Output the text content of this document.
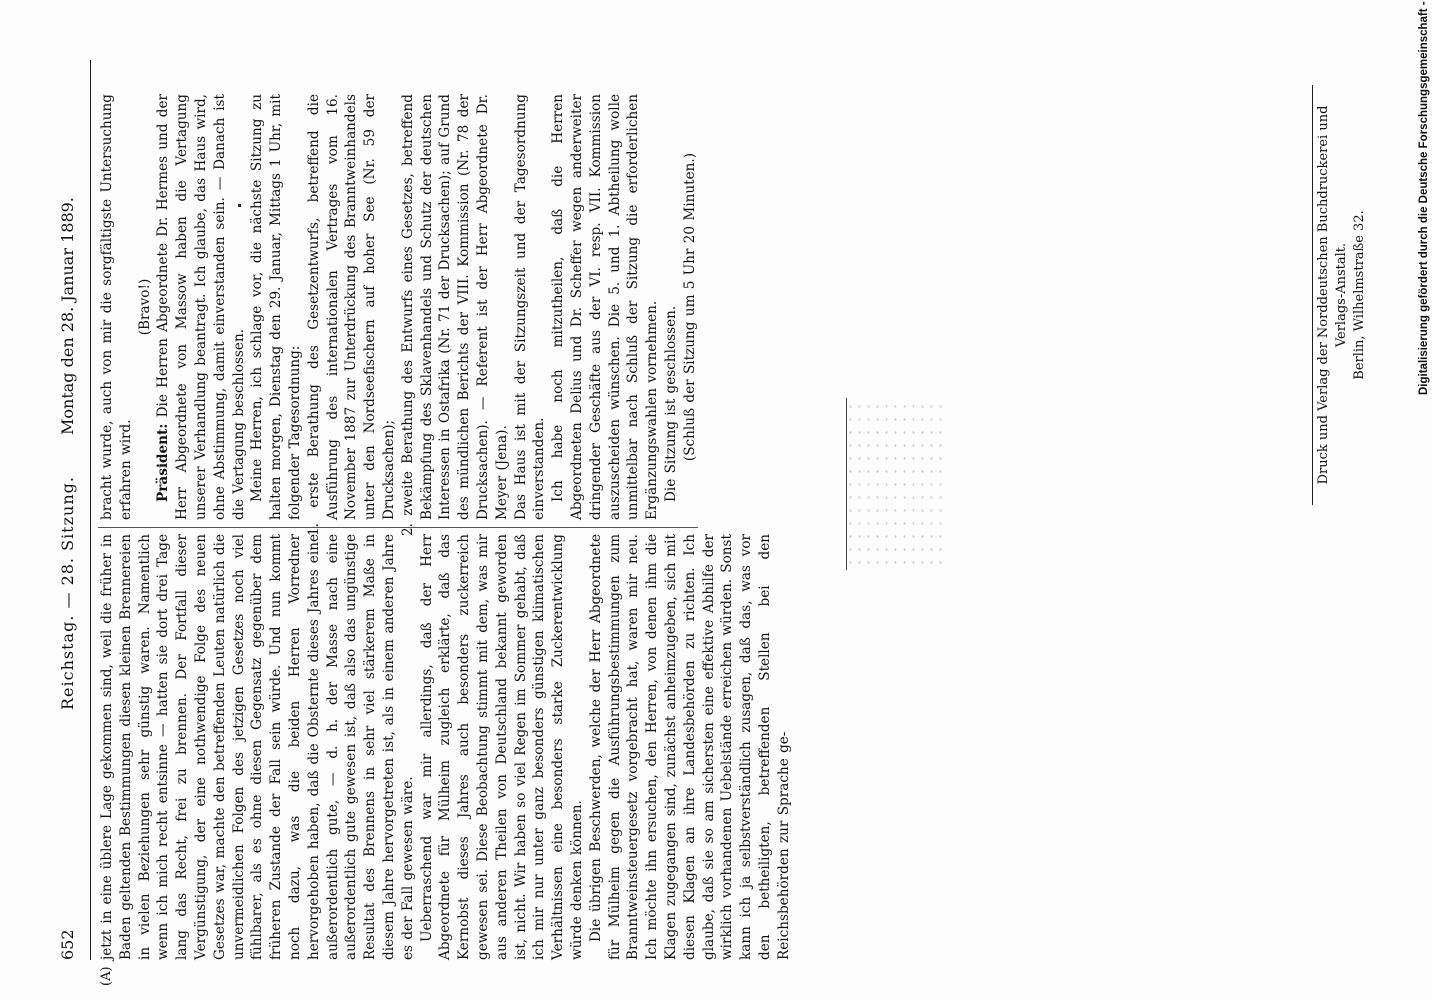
652
Reichstag. — 28. Sitzung.
Montag den 28. Januar 1889.
(A)

jetzt in eine üblere Lage gekommen sind, weil die früher in Baden geltenden Bestimmungen diesen kleinen Brennereien in vielen Beziehungen sehr günstig waren. Namentlich wenn ich mich recht entsinne — hatten sie dort drei Tage lang das Recht, frei zu brennen. Der Fortfall dieser Vergünstigung, der eine nothwendige Folge des neuen Gesetzes war, machte den betreffenden Leuten natürlich die unvermeidlichen Folgen des jetzigen Gesetzes noch viel fühlbarer, als es ohne diesen Gegensatz gegenüber dem früheren Zustande der Fall sein würde. Und nun kommt noch dazu, was die beiden Herren Vorredner hervorgehoben haben, daß die Obsternte dieses Jahres eine außerordentlich gute, — d. h. der Masse nach eine außerordentlich gute gewesen ist, daß also das ungünstige Resultat des Brennens in sehr viel stärkerem Maße in diesem Jahre hervorgetreten ist, als in einem anderen Jahre es der Fall gewesen wäre. Ueberraschend war mir allerdings, daß der Herr Abgeordnete für Mülheim zugleich erklärte, daß das Kernobst dieses Jahres auch besonders zuckerreich gewesen sei. Diese Beobachtung stimmt mit dem, was mir aus anderen Theilen von Deutschland bekannt geworden ist, nicht. Wir haben so viel Regen im Sommer gehabt, daß ich mir nur unter ganz besonders günstigen klimatischen Verhältnissen eine besonders starke Zuckerentwicklung würde denken können. Die übrigen Beschwerden, welche der Herr Abgeordnete für Mülheim gegen die Ausführungsbestimmungen zum Branntweinsteuergesetz vorgebracht hat, waren mir neu. Ich möchte ihn ersuchen, den Herren, von denen ihm die Klagen zugegangen sind, zunächst anheimzugeben, sich mit diesen Klagen an ihre Landesbehörden zu richten. Ich glaube, daß sie so am sichersten eine effektive Abhilfe der wirklich vorhandenen Uebelstände erreichen würden. Sonst kann ich ja selbstverständlich zusagen, daß das, was vor den betheiligten, betreffenden Stellen bei den Reichsbehörden zur Sprache ge-

bracht wurde, auch von mir die sorgfältigste Untersuchung erfahren wird.

(Bravo!)

Präsident: Die Herren Abgeordnete Dr. Hermes und der Herr Abgeordnete von Massow haben die Vertagung unserer Verhandlung beantragt. Ich glaube, das Haus wird, ohne Abstimmung, damit einverstanden sein. — Danach ist die Vertagung beschlossen. Meine Herren, ich schlage vor, die nächste Sitzung zu halten morgen, Dienstag den 29. Januar, Mittags 1 Uhr, mit folgender Tagesordnung: 1. erste Berathung des Gesetzentwurfs, betreffend die Ausführung des internationalen Vertrages vom 16. November 1887 zur Unterdrückung des Branntweinhandels unter den Nordseefischern auf hoher See (Nr. 59 der Drucksachen); 2. zweite Berathung des Entwurfs eines Gesetzes, betreffend Bekämpfung des Sklavenhandels und Schutz der deutschen Interessen in Ostafrika (Nr. 71 der Drucksachen); auf Grund des mündlichen Berichts der VIII. Kommission (Nr. 78 der Drucksachen). — Referent ist der Herr Abgeordnete Dr. Meyer (Jena). Das Haus ist mit der Sitzungszeit und der Tagesordnung einverstanden. Ich habe noch mitzutheilen, daß die Herren Abgeordneten Delius und Dr. Scheffer wegen anderweiter dringender Geschäfte aus der VI. resp. VII. Kommission auszuscheiden wünschen. Die 5. und 1. Abtheilung wolle unmittelbar nach Schluß der Sitzung die erforderlichen Ergänzungswahlen vornehmen. Die Sitzung ist geschlossen. (Schluß der Sitzung um 5 Uhr 20 Minuten.)	Druck und Verlag der Norddeutschen Buchdruckerei und Verlags-Anstalt. Berlin, Wilhelmstraße 32.	Digitalisierung gefördert durch die Deutsche Forschungsgemeinschaft -
